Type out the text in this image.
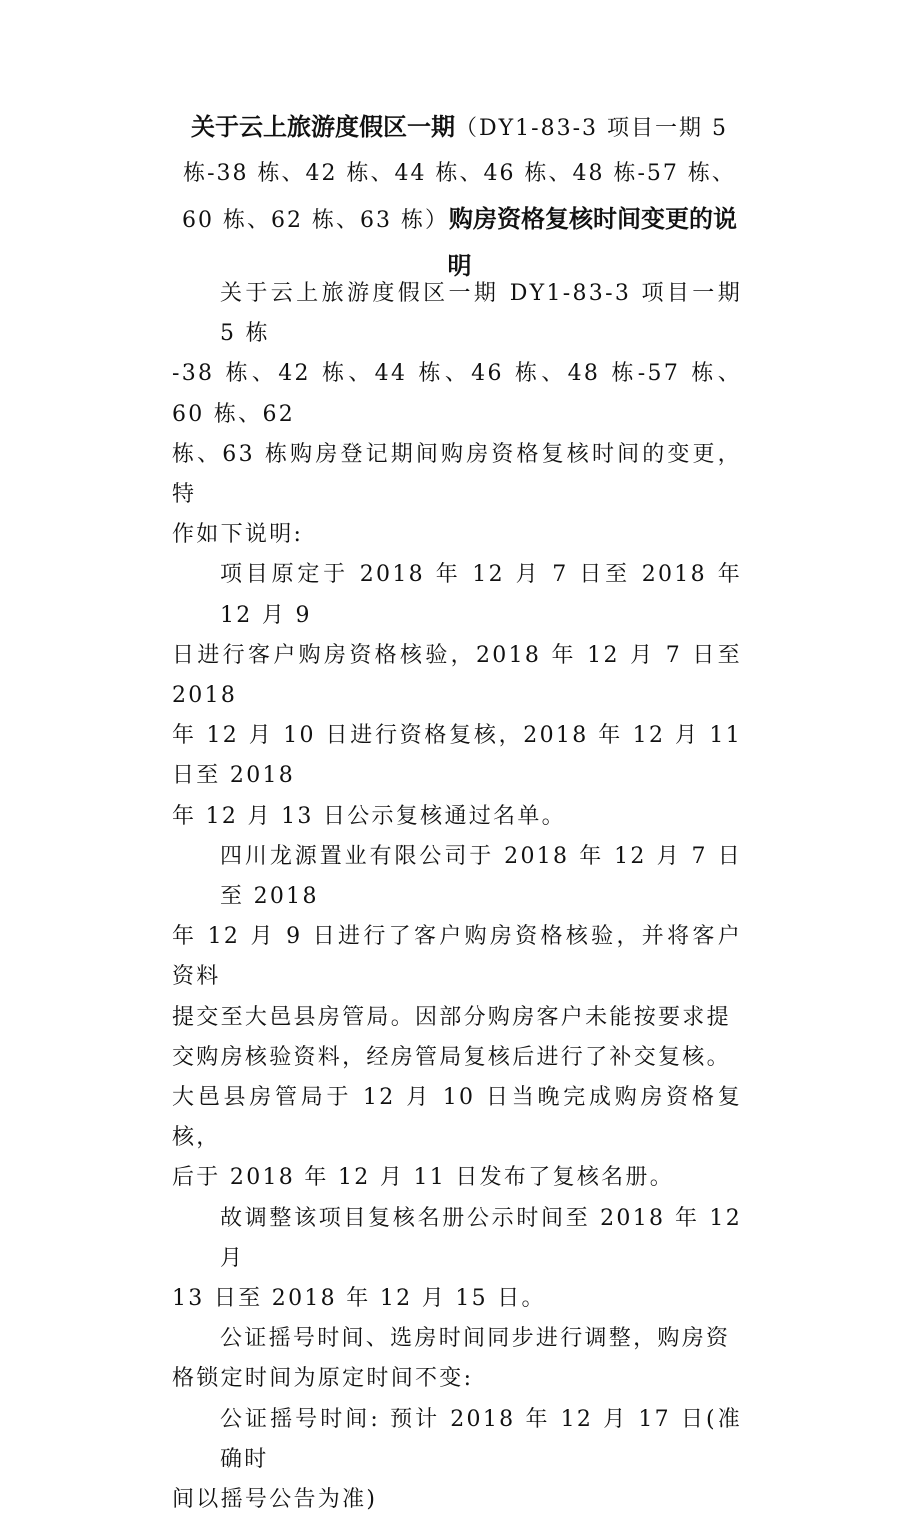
关于云上旅游度假区一期（DY1-83-3 项目一期 5 栋-38 栋、42 栋、44 栋、46 栋、48 栋-57 栋、60 栋、62 栋、63 栋）购房资格复核时间变更的说明
关于云上旅游度假区一期 DY1-83-3 项目一期 5 栋
-38 栋、42 栋、44 栋、46 栋、48 栋-57 栋、60 栋、62
栋、63 栋购房登记期间购房资格复核时间的变更，特
作如下说明:
项目原定于 2018 年 12 月 7 日至 2018 年 12 月 9
日进行客户购房资格核验，2018 年 12 月 7 日至 2018
年 12 月 10 日进行资格复核，2018 年 12 月 11 日至 2018
年 12 月 13 日公示复核通过名单。
四川龙源置业有限公司于 2018 年 12 月 7 日至 2018
年 12 月 9 日进行了客户购房资格核验，并将客户资料
提交至大邑县房管局。因部分购房客户未能按要求提
交购房核验资料，经房管局复核后进行了补交复核。
大邑县房管局于 12 月 10 日当晚完成购房资格复核，
后于 2018 年 12 月 11 日发布了复核名册。
故调整该项目复核名册公示时间至 2018 年 12 月
13 日至 2018 年 12 月 15 日。
公证摇号时间、选房时间同步进行调整，购房资
格锁定时间为原定时间不变:
公证摇号时间: 预计 2018 年 12 月 17 日(准确时
间以摇号公告为准)
